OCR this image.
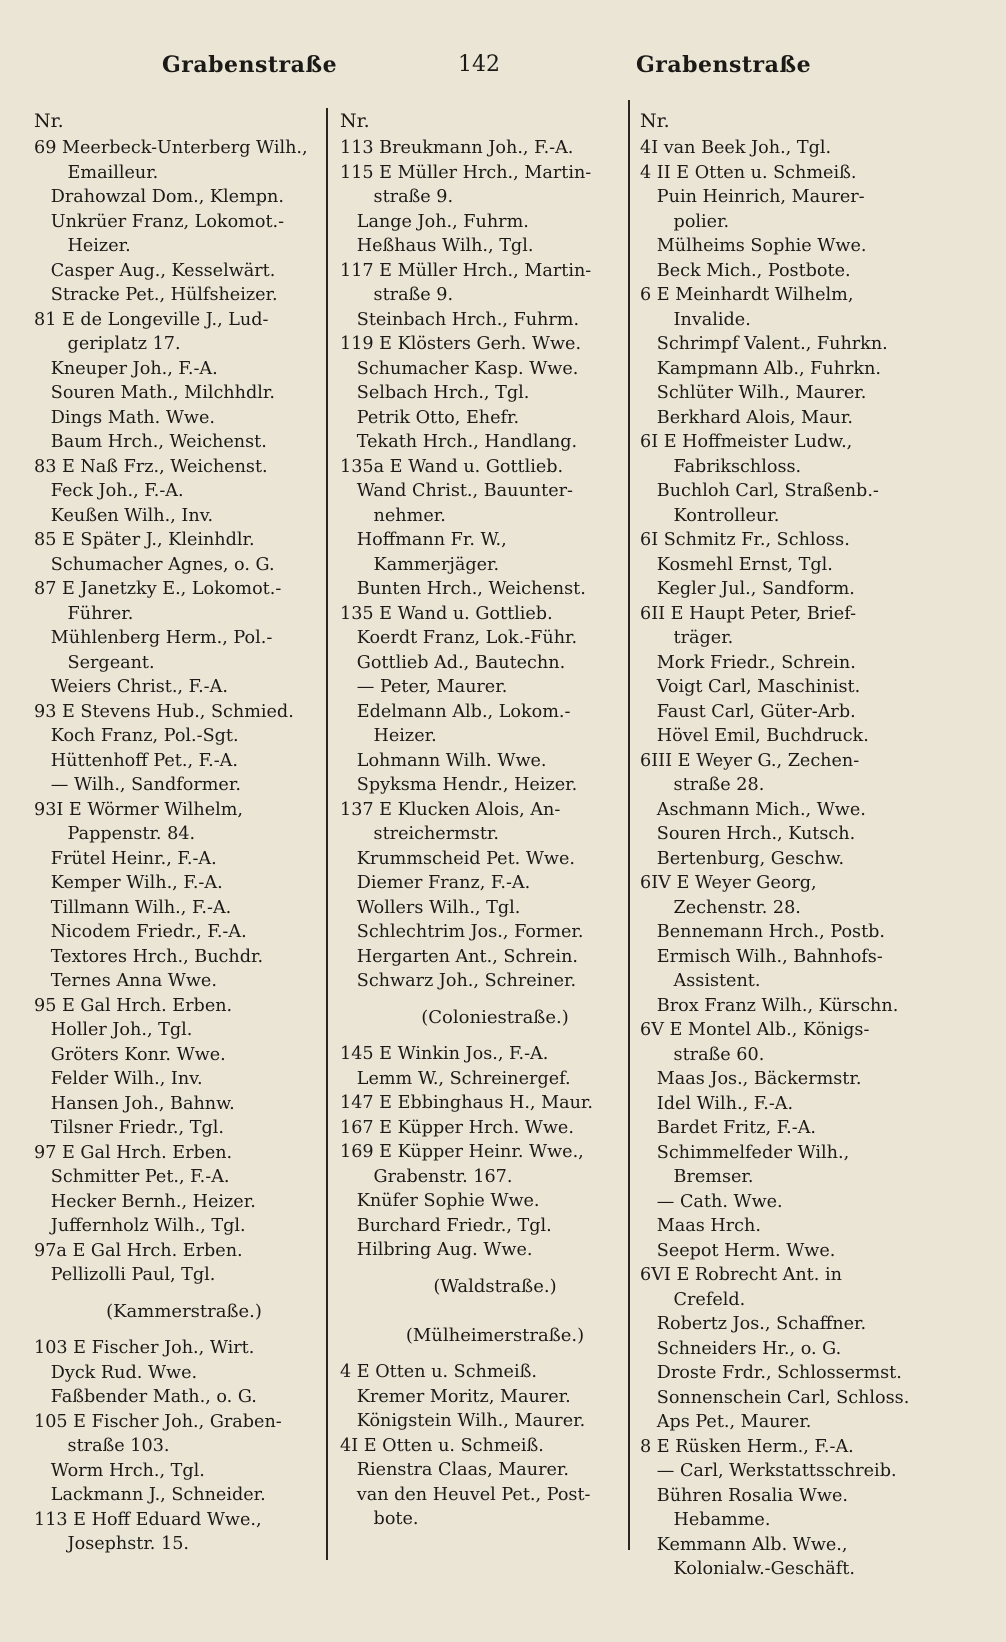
Grabenstraße	142	Grabenstraße
Nr.
69 Meerbeck-Unterberg Wilh.,
Emailleur.
Drahowzal Dom., Klempn.
Unkrüer Franz, Lokomot.-
Heizer.
Casper Aug., Kesselwärt.
Stracke Pet., Hülfsheizer.
81 E de Longeville J., Lud-
geriplatz 17.
Kneuper Joh., F.-A.
Souren Math., Milchhdlr.
Dings Math. Wwe.
Baum Hrch., Weichenst.
83 E Naß Frz., Weichenst.
Feck Joh., F.-A.
Keußen Wilh., Inv.
85 E Später J., Kleinhdlr.
Schumacher Agnes, o. G.
87 E Janetzky E., Lokomot.-
Führer.
Mühlenberg Herm., Pol.-
Sergeant.
Weiers Christ., F.-A.
93 E Stevens Hub., Schmied.
Koch Franz, Pol.-Sgt.
Hüttenhoff Pet., F.-A.
— Wilh., Sandformer.
93I E Wörmer Wilhelm,
Pappenstr. 84.
Frütel Heinr., F.-A.
Kemper Wilh., F.-A.
Tillmann Wilh., F.-A.
Nicodem Friedr., F.-A.
Textores Hrch., Buchdr.
Ternes Anna Wwe.
95 E Gal Hrch. Erben.
Holler Joh., Tgl.
Gröters Konr. Wwe.
Felder Wilh., Inv.
Hansen Joh., Bahnw.
Tilsner Friedr., Tgl.
97 E Gal Hrch. Erben.
Schmitter Pet., F.-A.
Hecker Bernh., Heizer.
Juffernholz Wilh., Tgl.
97a E Gal Hrch. Erben.
Pellizolli Paul, Tgl.
(Kammerstraße.)
103 E Fischer Joh., Wirt.
Dyck Rud. Wwe.
Faßbender Math., o. G.
105 E Fischer Joh., Graben-
straße 103.
Worm Hrch., Tgl.
Lackmann J., Schneider.
113 E Hoff Eduard Wwe.,
Josephstr. 15.
Nr.
113 Breukmann Joh., F.-A.
115 E Müller Hrch., Martin-
straße 9.
Lange Joh., Fuhrm.
Heßhaus Wilh., Tgl.
117 E Müller Hrch., Martin-
straße 9.
Steinbach Hrch., Fuhrm.
119 E Klösters Gerh. Wwe.
Schumacher Kasp. Wwe.
Selbach Hrch., Tgl.
Petrik Otto, Ehefr.
Tekath Hrch., Handlang.
135a E Wand u. Gottlieb.
Wand Christ., Bauunter-
nehmer.
Hoffmann Fr. W.,
Kammerjäger.
Bunten Hrch., Weichenst.
135 E Wand u. Gottlieb.
Koerdt Franz, Lok.-Führ.
Gottlieb Ad., Bautechn.
— Peter, Maurer.
Edelmann Alb., Lokom.-
Heizer.
Lohmann Wilh. Wwe.
Spyksma Hendr., Heizer.
137 E Klucken Alois, An-
streichermstr.
Krummscheid Pet. Wwe.
Diemer Franz, F.-A.
Wollers Wilh., Tgl.
Schlechtrim Jos., Former.
Hergarten Ant., Schrein.
Schwarz Joh., Schreiner.
(Coloniestraße.)
145 E Winkin Jos., F.-A.
Lemm W., Schreinergef.
147 E Ebbinghaus H., Maur.
167 E Küpper Hrch. Wwe.
169 E Küpper Heinr. Wwe.,
Grabenstr. 167.
Knüfer Sophie Wwe.
Burchard Friedr., Tgl.
Hilbring Aug. Wwe.
(Waldstraße.)
(Mülheimerstraße.)
4 E Otten u. Schmeiß.
Kremer Moritz, Maurer.
Königstein Wilh., Maurer.
4I E Otten u. Schmeiß.
Rienstra Claas, Maurer.
van den Heuvel Pet., Post-
bote.
Nr.
4I van Beek Joh., Tgl.
4 II E Otten u. Schmeiß.
Puin Heinrich, Maurer-
polier.
Mülheims Sophie Wwe.
Beck Mich., Postbote.
6 E Meinhardt Wilhelm,
Invalide.
Schrimpf Valent., Fuhrkn.
Kampmann Alb., Fuhrkn.
Schlüter Wilh., Maurer.
Berkhard Alois, Maur.
6I E Hoffmeister Ludw.,
Fabrikschloss.
Buchloh Carl, Straßenb.-
Kontrolleur.
6I Schmitz Fr., Schloss.
Kosmehl Ernst, Tgl.
Kegler Jul., Sandform.
6II E Haupt Peter, Brief-
träger.
Mork Friedr., Schrein.
Voigt Carl, Maschinist.
Faust Carl, Güter-Arb.
Hövel Emil, Buchdruck.
6III E Weyer G., Zechen-
straße 28.
Aschmann Mich., Wwe.
Souren Hrch., Kutsch.
Bertenburg, Geschw.
6IV E Weyer Georg,
Zechenstr. 28.
Bennemann Hrch., Postb.
Ermisch Wilh., Bahnhofs-
Assistent.
Brox Franz Wilh., Kürschn.
6V E Montel Alb., Königs-
straße 60.
Maas Jos., Bäckermstr.
Idel Wilh., F.-A.
Bardet Fritz, F.-A.
Schimmelfeder Wilh.,
Bremser.
— Cath. Wwe.
Maas Hrch.
Seepot Herm. Wwe.
6VI E Robrecht Ant. in
Crefeld.
Robertz Jos., Schaffner.
Schneiders Hr., o. G.
Droste Frdr., Schlossermst.
Sonnenschein Carl, Schloss.
Aps Pet., Maurer.
8 E Rüsken Herm., F.-A.
— Carl, Werkstattsschreib.
Bühren Rosalia Wwe.
Hebamme.
Kemmann Alb. Wwe.,
Kolonialw.-Geschäft.
